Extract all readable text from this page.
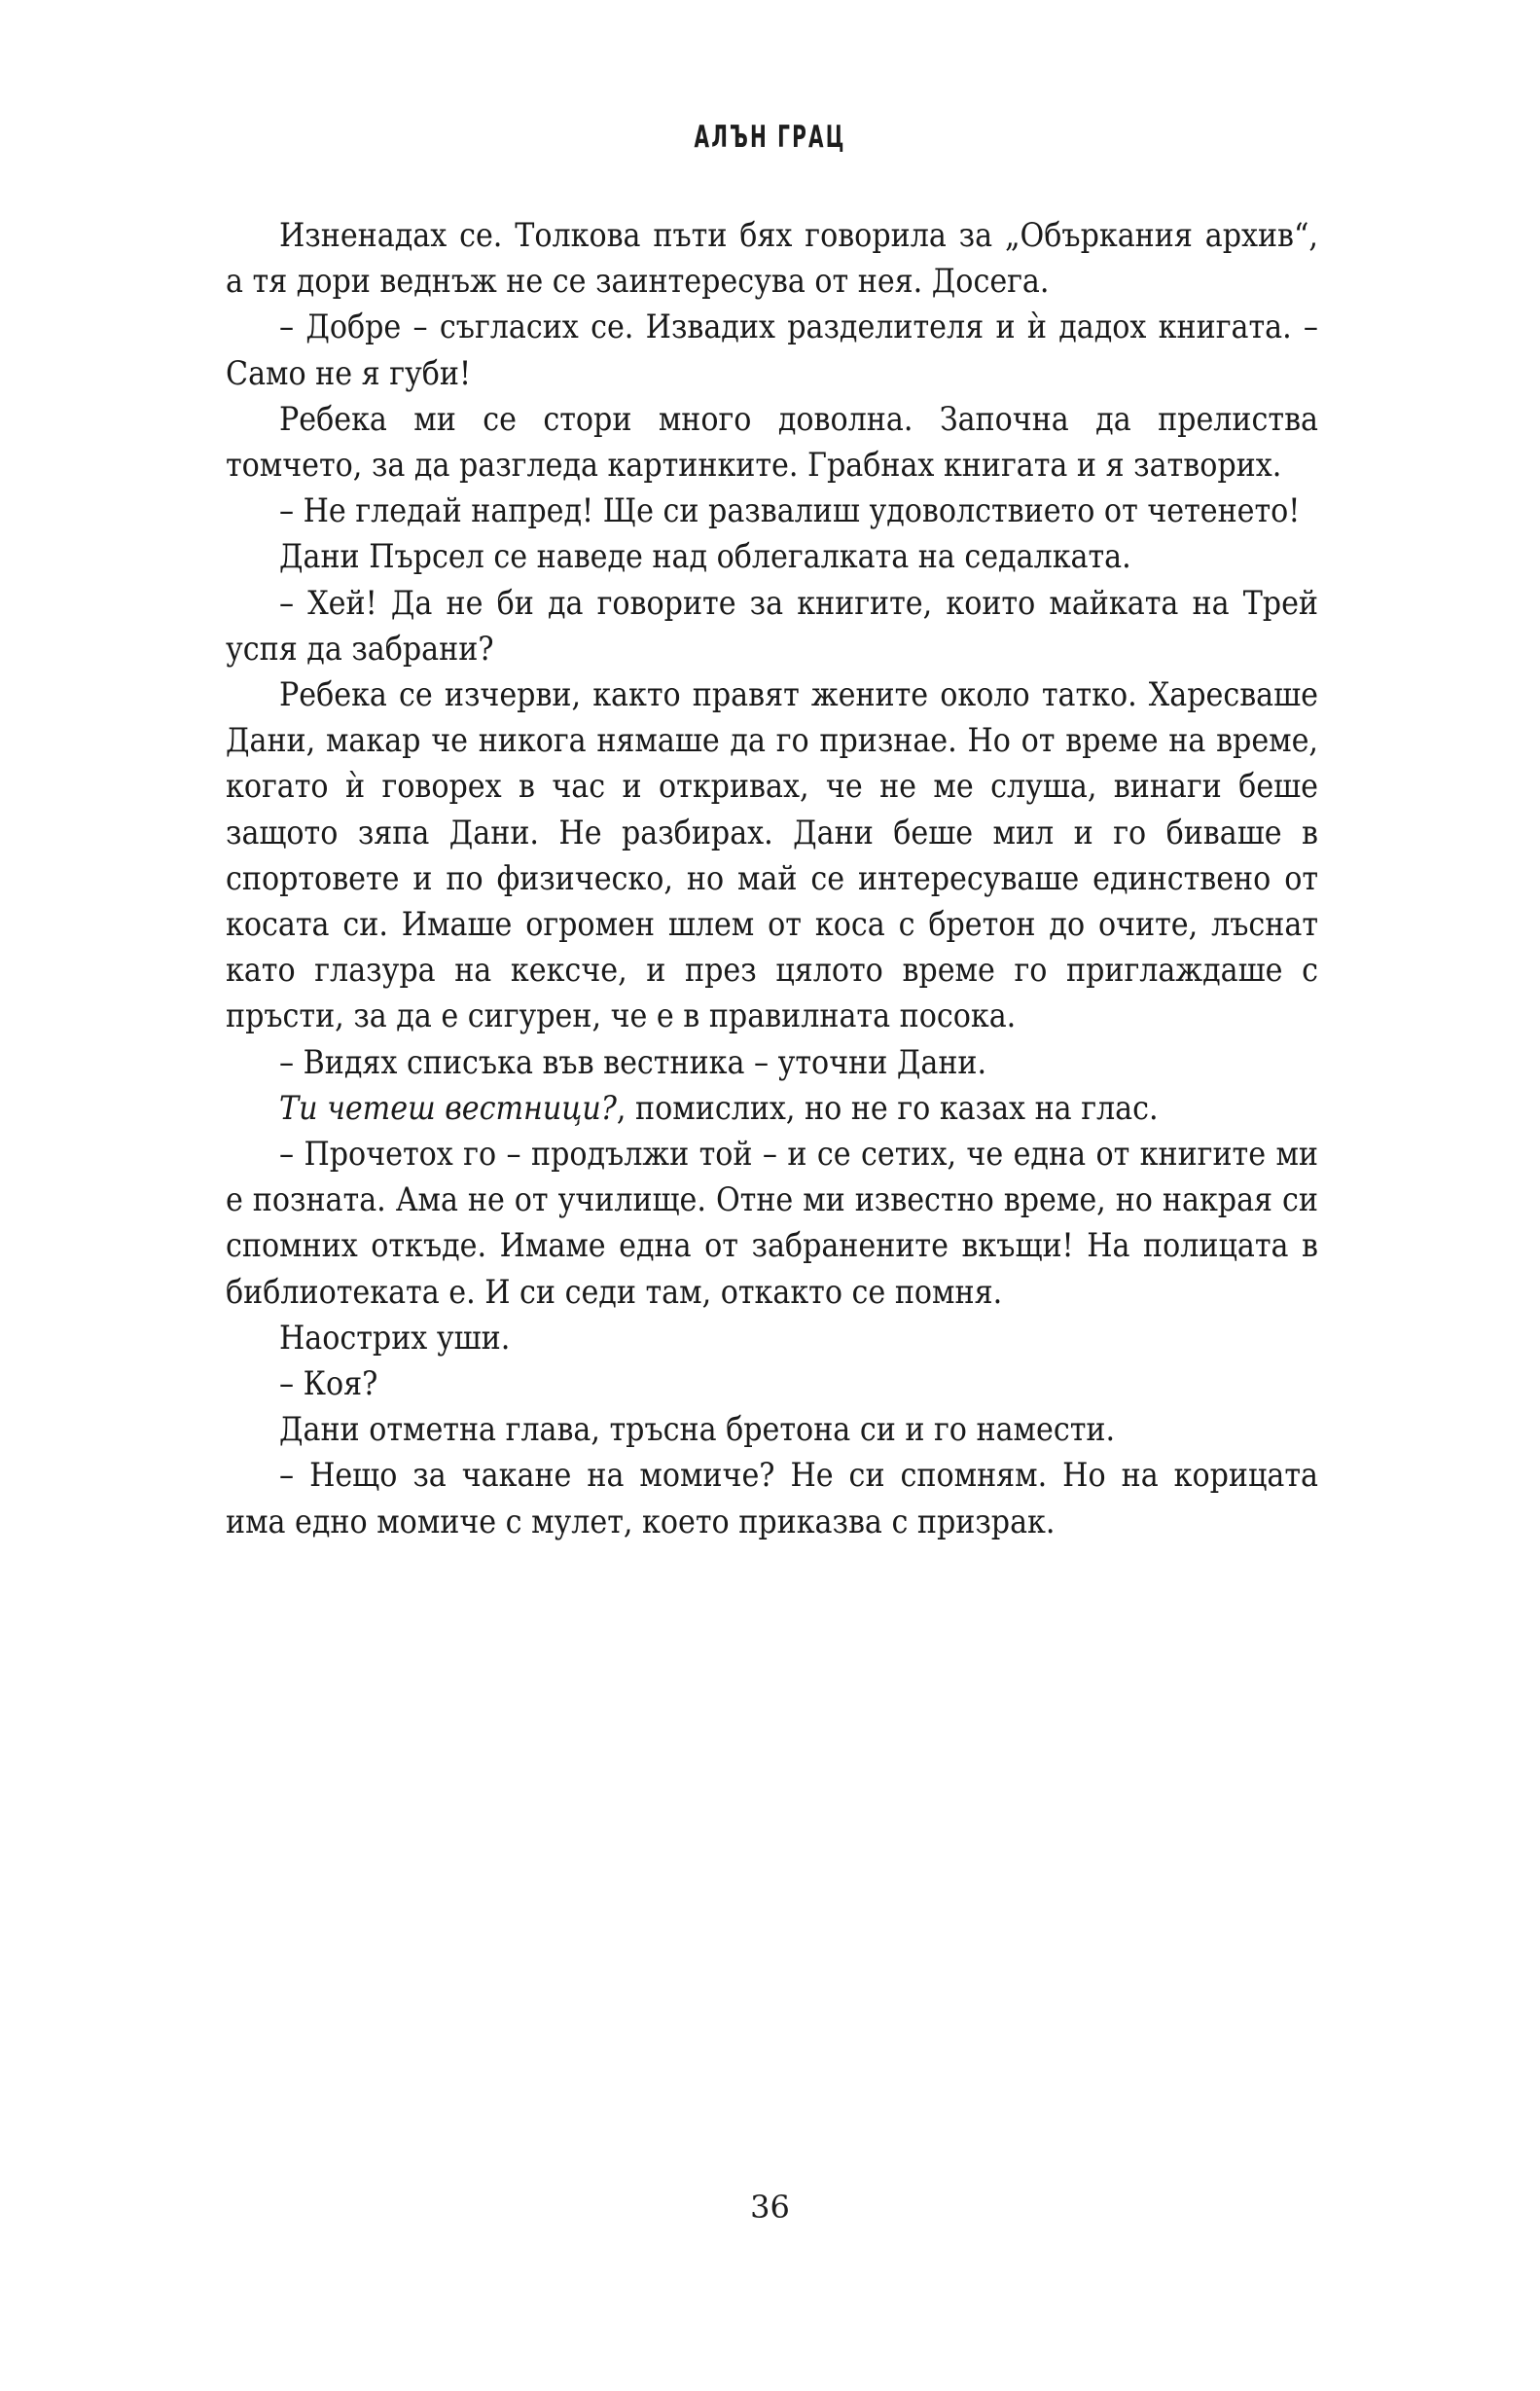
АЛЪН ГРАЦ

Изненадах се. Толкова пъти бях говорила за „Объркания архив“, а тя дори веднъж не се заинтересува от нея. Досега.

– Добре – съгласих се. Извадих разделителя и ѝ дадох книгата. – Само не я губи!

Ребека ми се стори много доволна. Започна да прелиства томчето, за да разгледа картинките. Грабнах книгата и я затворих.

– Не гледай напред! Ще си развалиш удоволствието от четенето!

Дани Пърсел се наведе над облегалката на седалката.

– Хей! Да не би да говорите за книгите, които майката на Трей успя да забрани?

Ребека се изчерви, както правят жените около татко. Харесваше Дани, макар че никога нямаше да го признае. Но от време на време, когато ѝ говорех в час и откривах, че не ме слуша, винаги беше защото зяпа Дани. Не разбирах. Дани беше мил и го биваше в спортовете и по физическо, но май се интересуваше единствено от косата си. Имаше огромен шлем от коса с бретон до очите, лъснат като глазура на кексче, и през цялото време го приглаждаше с пръсти, за да е сигурен, че е в правилната посока.

– Видях списъка във вестника – уточни Дани.

Ти четеш вестници?, помислих, но не го казах на глас.

– Прочетох го – продължи той – и се сетих, че една от книгите ми е позната. Ама не от училище. Отне ми известно време, но накрая си спомних откъде. Имаме една от забранените вкъщи! На полицата в библиотеката е. И си седи там, откакто се помня.

Наострих уши.

– Коя?

Дани отметна глава, тръсна бретона си и го намести.

– Нещо за чакане на момиче? Не си спомням. Но на корицата има едно момиче с мулет, което приказва с призрак.

36
